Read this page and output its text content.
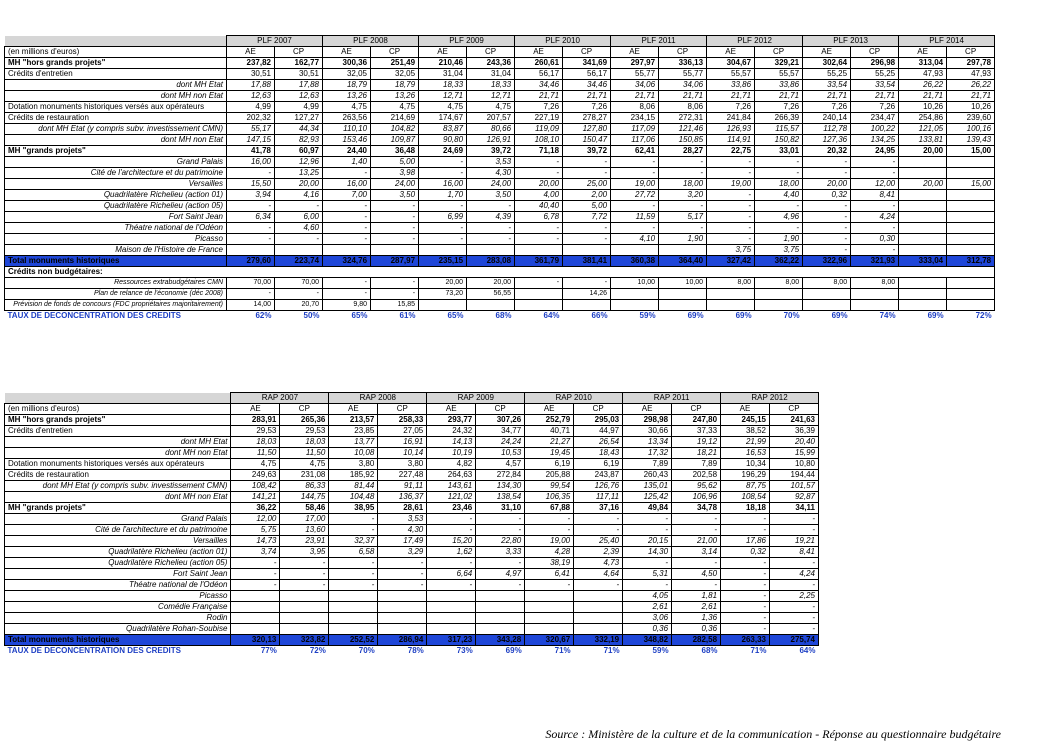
	PLF 2007		PLF 2008		PLF 2009		PLF 2010		PLF 2011		PLF 2012		PLF 2013		PLF 2014	
(en millions d'euros)	AE	CP	AE	CP	AE	CP	AE	CP	AE	CP	AE	CP	AE	CP	AE	CP
MH "hors grands projets"	237,82	162,77	300,36	251,49	210,46	243,36	260,61	341,69	297,97	336,13	304,67	329,21	302,64	296,98	313,04	297,78
Crédits d'entretien	30,51	30,51	32,05	32,05	31,04	31,04	56,17	56,17	55,77	55,77	55,57	55,57	55,25	55,25	47,93	47,93
dont MH Etat	17,88	17,88	18,79	18,79	18,33	18,33	34,46	34,46	34,06	34,06	33,86	33,86	33,54	33,54	26,22	26,22
dont MH non Etat	12,63	12,63	13,26	13,26	12,71	12,71	21,71	21,71	21,71	21,71	21,71	21,71	21,71	21,71	21,71	21,71
Dotation monuments historiques versés aux opérateurs	4,99	4,99	4,75	4,75	4,75	4,75	7,26	7,26	8,06	8,06	7,26	7,26	7,26	7,26	10,26	10,26
Crédits de restauration	202,32	127,27	263,56	214,69	174,67	207,57	227,19	278,27	234,15	272,31	241,84	266,39	240,14	234,47	254,86	239,60
dont MH Etat (y compris subv. investissement CMN)	55,17	44,34	110,10	104,82	83,87	80,66	119,09	127,80	117,09	121,46	126,93	115,57	112,78	100,22	121,05	100,16
dont MH non Etat	147,15	82,93	153,46	109,87	90,80	126,91	108,10	150,47	117,06	150,85	114,91	150,82	127,36	134,25	133,81	139,43
MH "grands projets"	41,78	60,97	24,40	36,48	24,69	39,72	71,18	39,72	62,41	28,27	22,75	33,01	20,32	24,95	20,00	15,00
Grand Palais	16,00	12,96	1,40	5,00	-	3,53	-	-	-	-	-	-	-	-		
Cité de l'architecture et du patrimoine	-	13,25	-	3,98	-	4,30	-	-	-	-	-	-	-	-		
Versailles	15,50	20,00	16,00	24,00	16,00	24,00	20,00	25,00	19,00	18,00	19,00	18,00	20,00	12,00	20,00	15,00
Quadrilatère Richelieu (action 01)	3,94	4,16	7,00	3,50	1,70	3,50	4,00	2,00	27,72	3,20	-	4,40	0,32	8,41		
Quadrilatère Richelieu (action 05)	-	-	-	-	-	-	40,40	5,00	-	-	-	-	-	-		
Fort Saint Jean	6,34	6,00	-	-	6,99	4,39	6,78	7,72	11,59	5,17	-	4,96	-	4,24		
Théatre national de l'Odéon	-	4,60	-	-	-	-	-	-	-	-	-	-	-	-		
Picasso	-	-	-	-	-	-	-	-	4,10	1,90	-	1,90	-	0,30		
Maison de l'Histoire de France											3,75	3,75	-	-		
Total monuments historiques	279,60	223,74	324,76	287,97	235,15	283,08	361,79	381,41	360,38	364,40	327,42	362,22	322,96	321,93	333,04	312,78
Crédits non budgétaires:																
Ressources extrabudgétaires CMN	70,00	70,00	-	-	20,00	20,00	-	-	10,00	10,00	8,00	8,00	8,00	8,00		
Plan de relance de l'économie (déc 2008)	-	-	-	-	73,20	56,55		14,26								
Prévision de fonds de concours (FDC propriétaires majoritairement)	14,00	20,70	9,80	15,85												
TAUX DE DECONCENTRATION DES CREDITS	62%	50%	65%	61%	65%	68%	64%	66%	59%	69%	69%	70%	69%	74%	69%	72%
	RAP 2007		RAP 2008		RAP 2009		RAP 2010		RAP 2011		RAP 2012	
(en millions d'euros)	AE	CP	AE	CP	AE	CP	AE	CP	AE	CP	AE	CP
MH "hors grands projets"	283,91	265,36	213,57	258,33	293,77	307,26	252,79	295,03	298,98	247,80	245,15	241,63
Crédits d'entretien	29,53	29,53	23,85	27,05	24,32	34,77	40,71	44,97	30,66	37,33	38,52	36,39
dont MH Etat	18,03	18,03	13,77	16,91	14,13	24,24	21,27	26,54	13,34	19,12	21,99	20,40
dont MH non Etat	11,50	11,50	10,08	10,14	10,19	10,53	19,45	18,43	17,32	18,21	16,53	15,99
Dotation monuments historiques versés aux opérateurs	4,75	4,75	3,80	3,80	4,82	4,57	6,19	6,19	7,89	7,89	10,34	10,80
Crédits de restauration	249,63	231,08	185,92	227,48	264,63	272,84	205,88	243,87	260,43	202,58	196,29	194,44
dont MH Etat (y compris subv. investissement CMN)	108,42	86,33	81,44	91,11	143,61	134,30	99,54	126,76	135,01	95,62	87,75	101,57
dont MH non Etat	141,21	144,75	104,48	136,37	121,02	138,54	106,35	117,11	125,42	106,96	108,54	92,87
MH "grands projets"	36,22	58,46	38,95	28,61	23,46	31,10	67,88	37,16	49,84	34,78	18,18	34,11
Grand Palais	12,00	17,00	-	3,53	-	-	-	-	-	-	-	-
Cité de l'architecture et du patrimoine	5,75	13,60	-	4,30	-	-	-	-	-	-	-	-
Versailles	14,73	23,91	32,37	17,49	15,20	22,80	19,00	25,40	20,15	21,00	17,86	19,21
Quadrilatère Richelieu (action 01)	3,74	3,95	6,58	3,29	1,62	3,33	4,28	2,39	14,30	3,14	0,32	8,41
Quadrilatère Richelieu (action 05)	-	-	-	-	-	-	38,19	4,73	-	-	-	-
Fort Saint Jean	-	-	-	-	6,64	4,97	6,41	4,64	5,31	4,50	-	4,24
Théatre national de l'Odéon	-	-	-	-	-	-	-	-	-	-	-	-
Picasso									4,05	1,81	-	2,25
Comédie Française									2,61	2,61	-	-
Rodin									3,06	1,36	-	-
Quadrilatère Rohan-Soubise									0,36	0,36	-	-
Total monuments historiques	320,13	323,82	252,52	286,94	317,23	343,28	320,67	332,19	348,82	282,58	263,33	275,74
TAUX DE DECONCENTRATION DES CREDITS	77%	72%	70%	78%	73%	69%	71%	71%	59%	68%	71%	64%
Source : Ministère de la culture et de la communication - Réponse au questionnaire budgétaire
